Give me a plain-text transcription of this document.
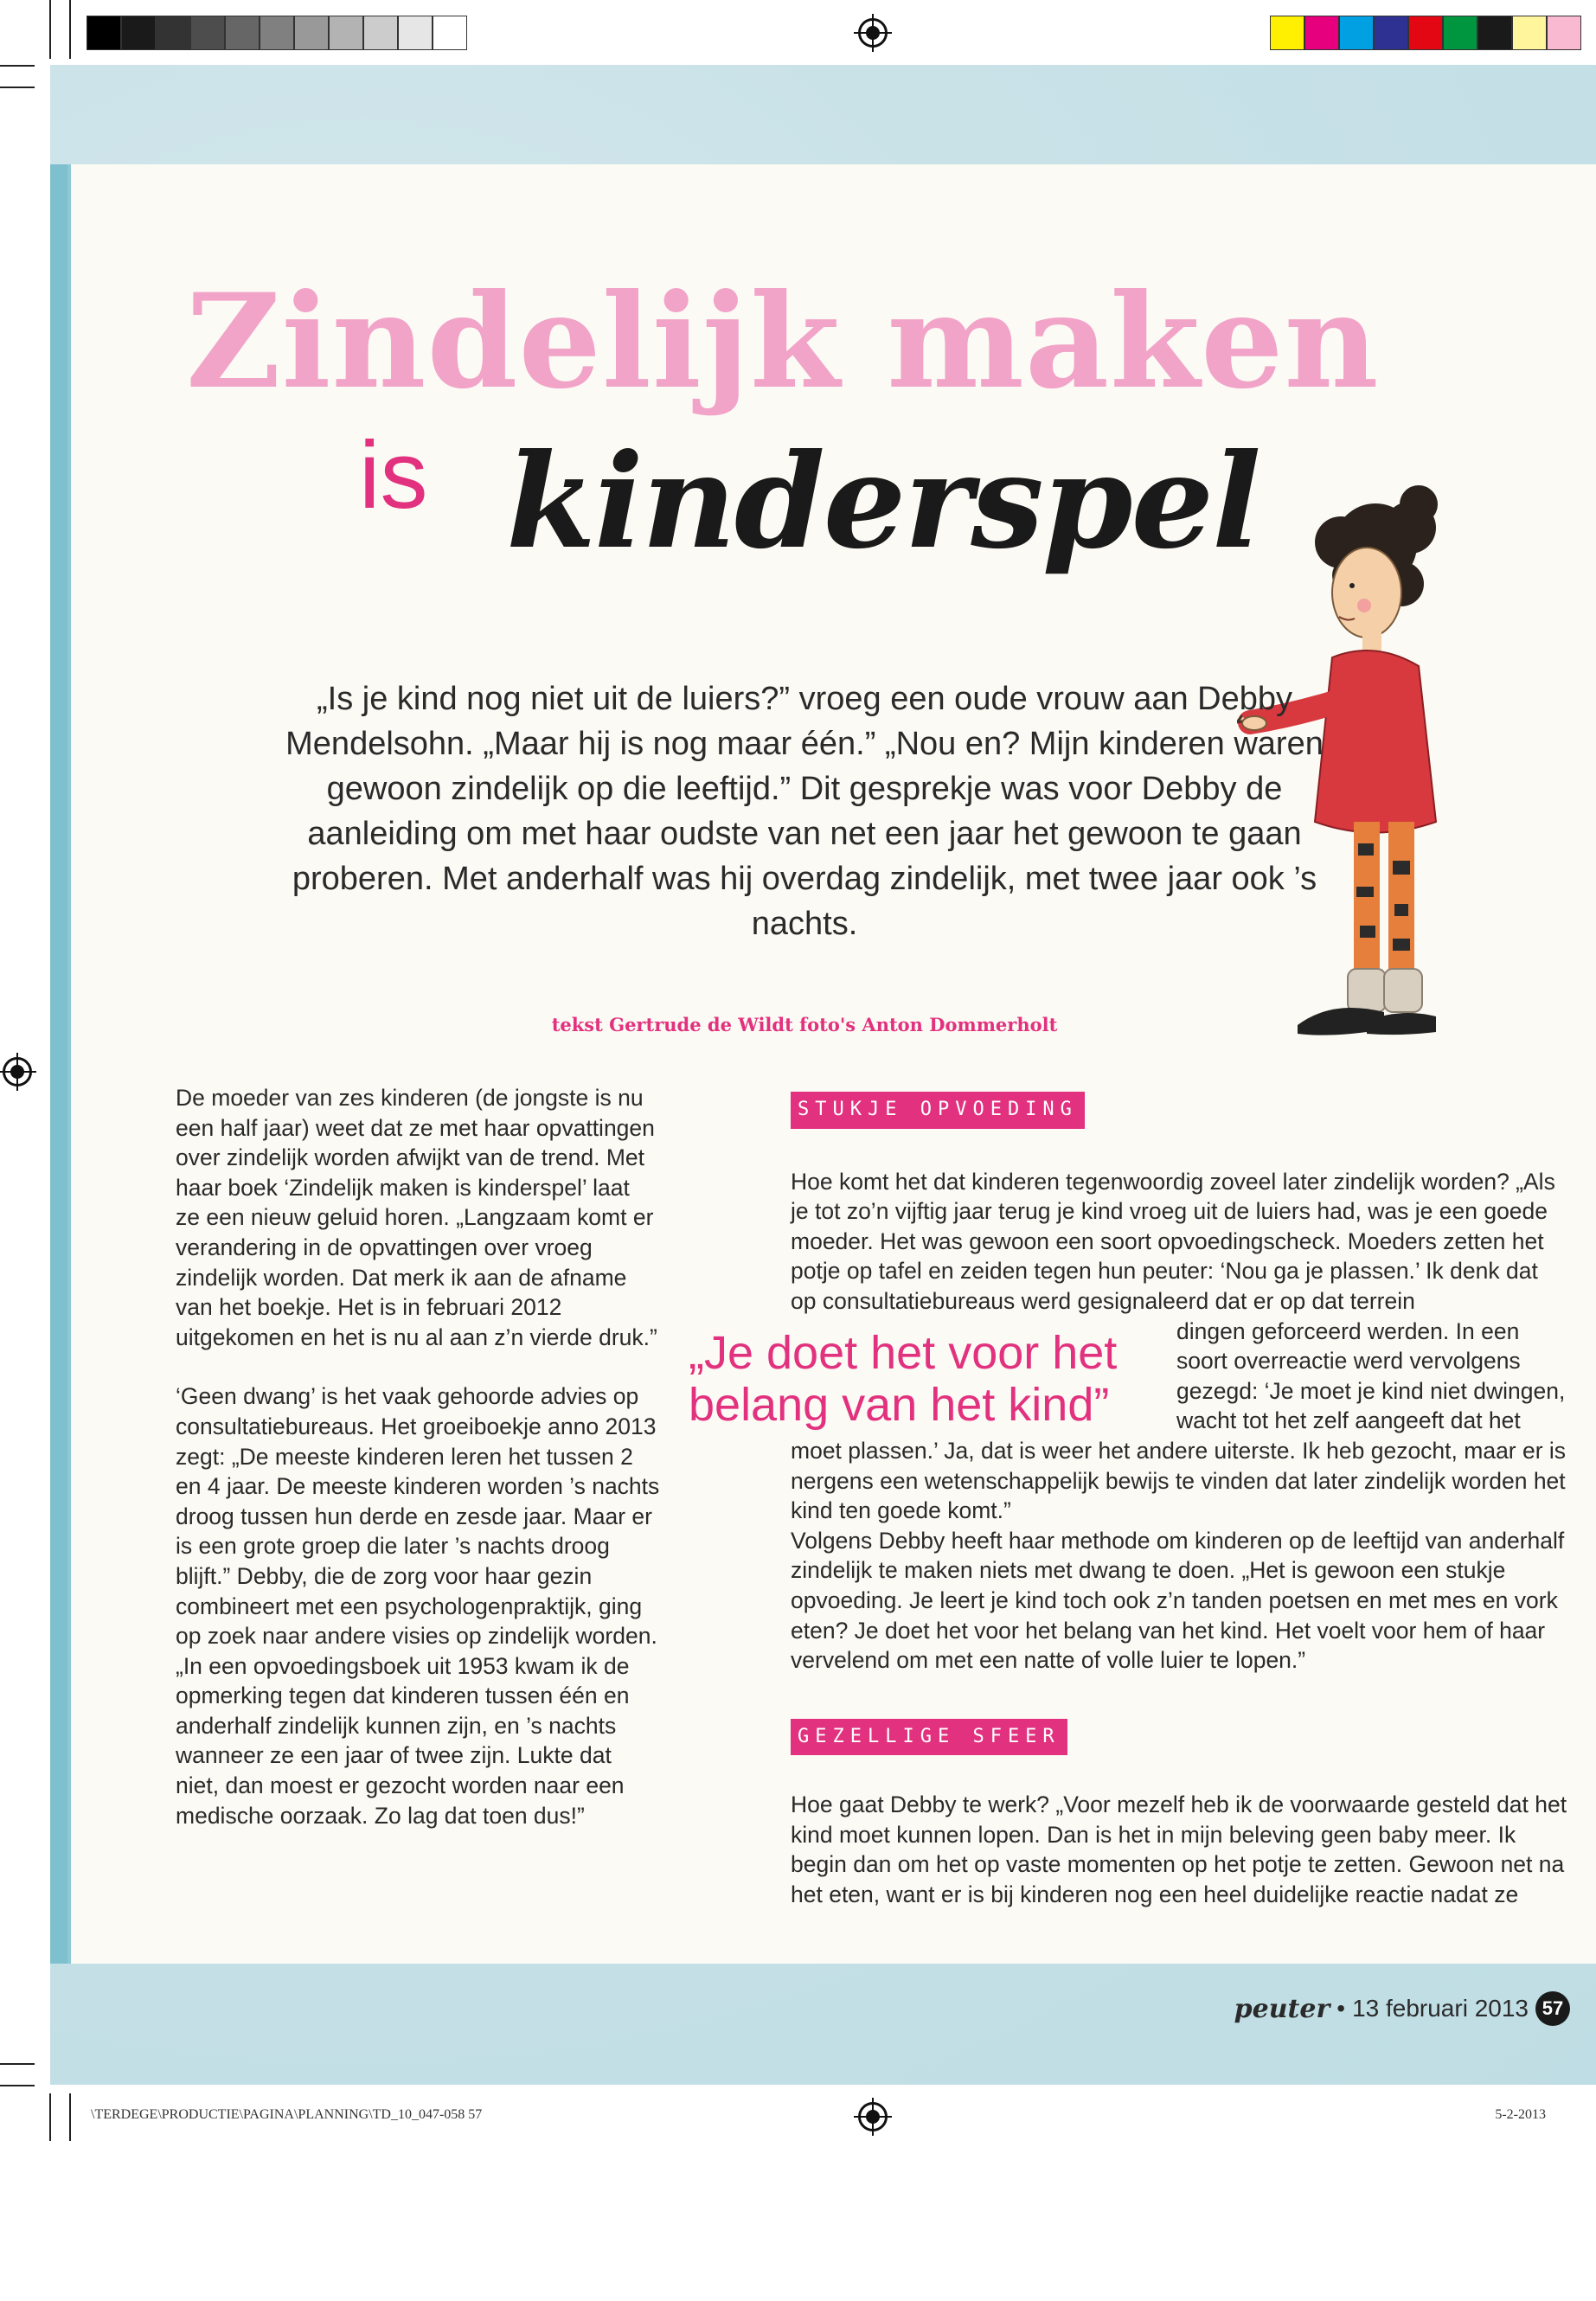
Zindelijk maken
is kinderspel
„Is je kind nog niet uit de luiers?” vroeg een oude vrouw aan Debby Mendelsohn. „Maar hij is nog maar één.” „Nou en? Mijn kinderen waren gewoon zindelijk op die leeftijd.” Dit gesprekje was voor Debby de aanleiding om met haar oudste van net een jaar het gewoon te gaan proberen. Met anderhalf was hij overdag zindelijk, met twee jaar ook ’s nachts.
tekst Gertrude de Wildt foto's Anton Dommerholt

De moeder van zes kinderen (de jongste is nu een half jaar) weet dat ze met haar opvattingen over zindelijk worden afwijkt van de trend. Met haar boek ‘Zindelijk maken is kinderspel’ laat ze een nieuw geluid horen. „Langzaam komt er verandering in de opvattingen over vroeg zindelijk worden. Dat merk ik aan de afname van het boekje. Het is in februari 2012 uitgekomen en het is nu al aan z’n vierde druk.”

‘Geen dwang’ is het vaak gehoorde advies op consultatiebureaus. Het groeiboekje anno 2013 zegt: „De meeste kinderen leren het tussen 2 en 4 jaar. De meeste kinderen worden ’s nachts droog tussen hun derde en zesde jaar. Maar er is een grote groep die later ’s nachts droog blijft.” Debby, die de zorg voor haar gezin combineert met een psychologenpraktijk, ging op zoek naar andere visies op zindelijk worden. „In een opvoedingsboek uit 1953 kwam ik de opmerking tegen dat kinderen tussen één en anderhalf zindelijk kunnen zijn, en ’s nachts wanneer ze een jaar of twee zijn. Lukte dat niet, dan moest er gezocht worden naar een medische oorzaak. Zo lag dat toen dus!”

STUKJE OPVOEDING

Hoe komt het dat kinderen tegenwoordig zoveel later zindelijk worden? „Als je tot zo’n vijftig jaar terug je kind vroeg uit de luiers had, was je een goede moeder. Het was gewoon een soort opvoedingscheck. Moeders zetten het potje op tafel en zeiden tegen hun peuter: ‘Nou ga je plassen.’ Ik denk dat op consultatiebureaus werd gesignaleerd dat er op dat terrein

„Je doet het voor het belang van het kind”

dingen geforceerd werden. In een soort overreactie werd vervolgens gezegd: ‘Je moet je kind niet dwingen, wacht tot het zelf aangeeft dat het moet plassen.’ Ja, dat is weer het andere uiterste. Ik heb gezocht, maar er is nergens een wetenschappelijk bewijs te vinden dat later zindelijk worden het kind ten goede komt.”

Volgens Debby heeft haar methode om kinderen op de leeftijd van anderhalf zindelijk te maken niets met dwang te doen. „Het is gewoon een stukje opvoeding. Je leert je kind toch ook z’n tanden poetsen en met mes en vork eten? Je doet het voor het belang van het kind. Het voelt voor hem of haar vervelend om met een natte of volle luier te lopen.”

GEZELLIGE SFEER

Hoe gaat Debby te werk? „Voor mezelf heb ik de voorwaarde gesteld dat het kind moet kunnen lopen. Dan is het in mijn beleving geen baby meer. Ik begin dan om het op vaste momenten op het potje te zetten. Gewoon net na het eten, want er is bij kinderen nog een heel duidelijke reactie nadat ze

peuter • 13 februari 2013 57
\TERDEGE\PRODUCTIE\PAGINA\PLANNING\TD_10_047-058 57	5-2-2013
